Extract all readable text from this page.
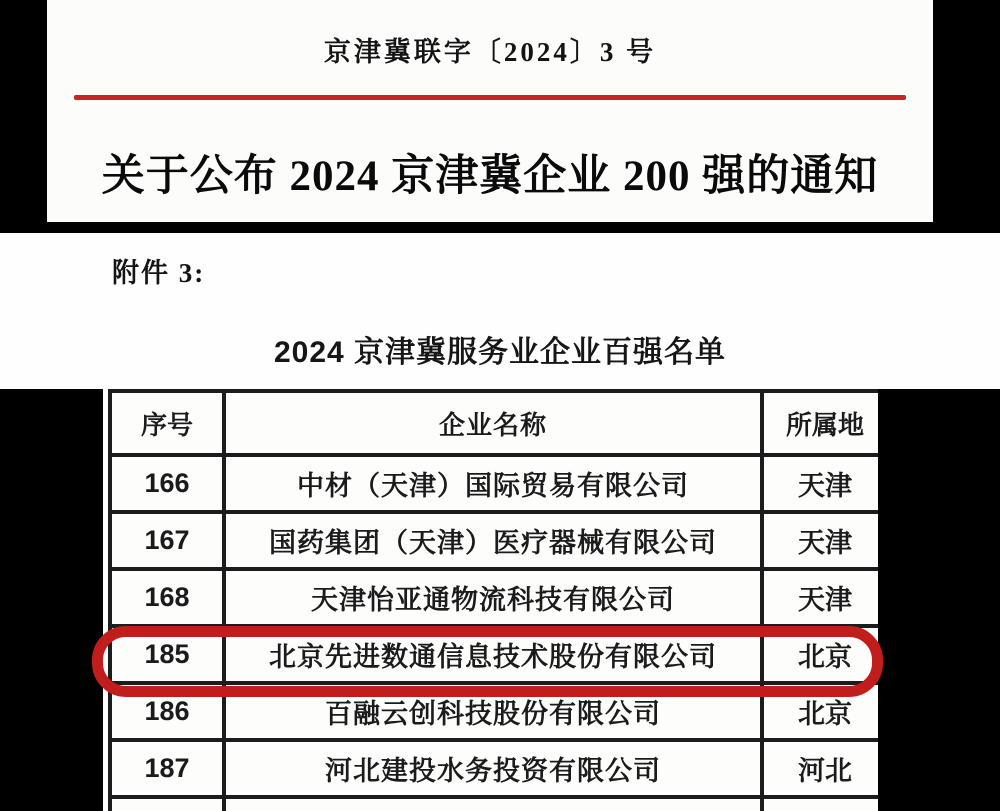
京津冀联字〔2024〕3 号
关于公布 2024 京津冀企业 200 强的通知
附件 3:
2024 京津冀服务业企业百强名单
序号	企业名称	所属地
166	中材（天津）国际贸易有限公司	天津
167	国药集团（天津）医疗器械有限公司	天津
168	天津怡亚通物流科技有限公司	天津
185	北京先进数通信息技术股份有限公司	北京
186	百融云创科技股份有限公司	北京
187	河北建投水务投资有限公司	河北
